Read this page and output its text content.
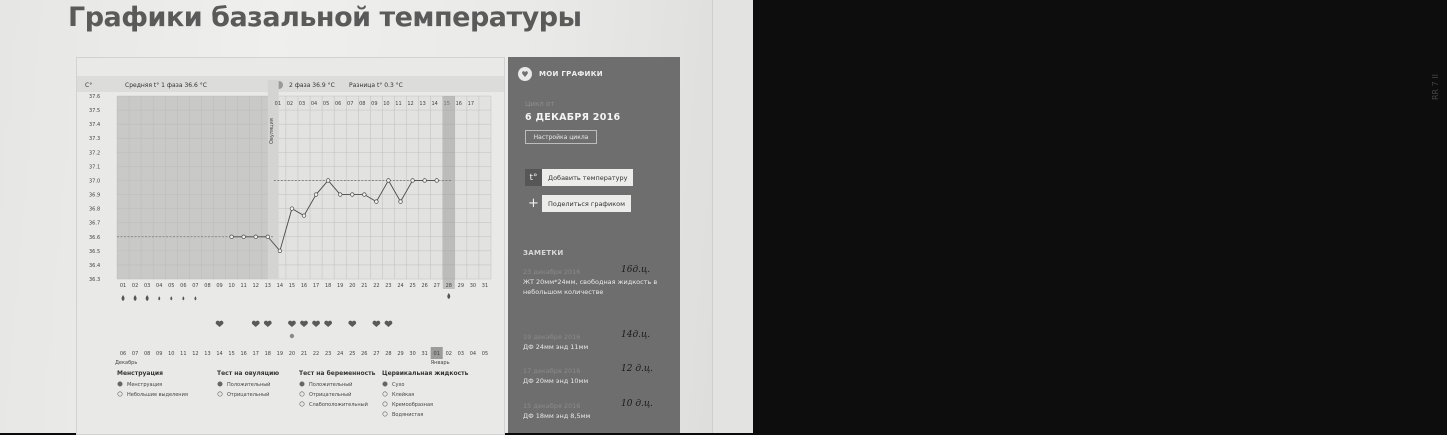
Графики базальной температуры
C°	Средняя t° 1 фаза 36.6 °C	2 фаза 36.9 °C Разница t° 0.3 °C
37.6
37.5
37.4
37.3
37.2
37.1
37.0
36.9
36.8
36.7
36.6
36.5
36.4
36.3
Овуляция
01 02 03 04 05 06 07 08 09 10 11 12 13 14	16 17
01 02 03 04 05 06 07 08 09 10 11 12 13 14 15 16 17 18 19 20 21 22 23 24 25 26 27 28 29 30 31
06 07 08 09 10 11 12 13 14 15 16 17 18 19 20 21 22 23 24 25 26 27 28 29 30 31 01 02 03 04 05
Декабрь	Январь
Менструация
Менструация
Небольшие выделения
Тест на овуляцию
Положительный
Отрицательный
Тест на беременность
Положительный
Отрицательный
Слабоположительный
Цервикальная жидкость
Сухо
Клейкая
Кремообразная
Водянистая
♥	МОИ ГРАФИКИ
Цикл от
6 ДЕКАБРЯ 2016
Настройка цикла
t°	Добавить температуру
+	Поделиться графиком
ЗАМЕТКИ
23 декабря 2016
ЖТ 20мм*24мм, свободная жидкость в небольшом количестве
16д.ц.
19 декабря 2016
ДФ 24мм энд 11мм
14д.ц.
17 декабря 2016
ДФ 20мм энд 10мм
12 д.ц.
15 декабря 2016
ДФ 18мм энд 8,5мм
10 д.ц.
RR 7 II
